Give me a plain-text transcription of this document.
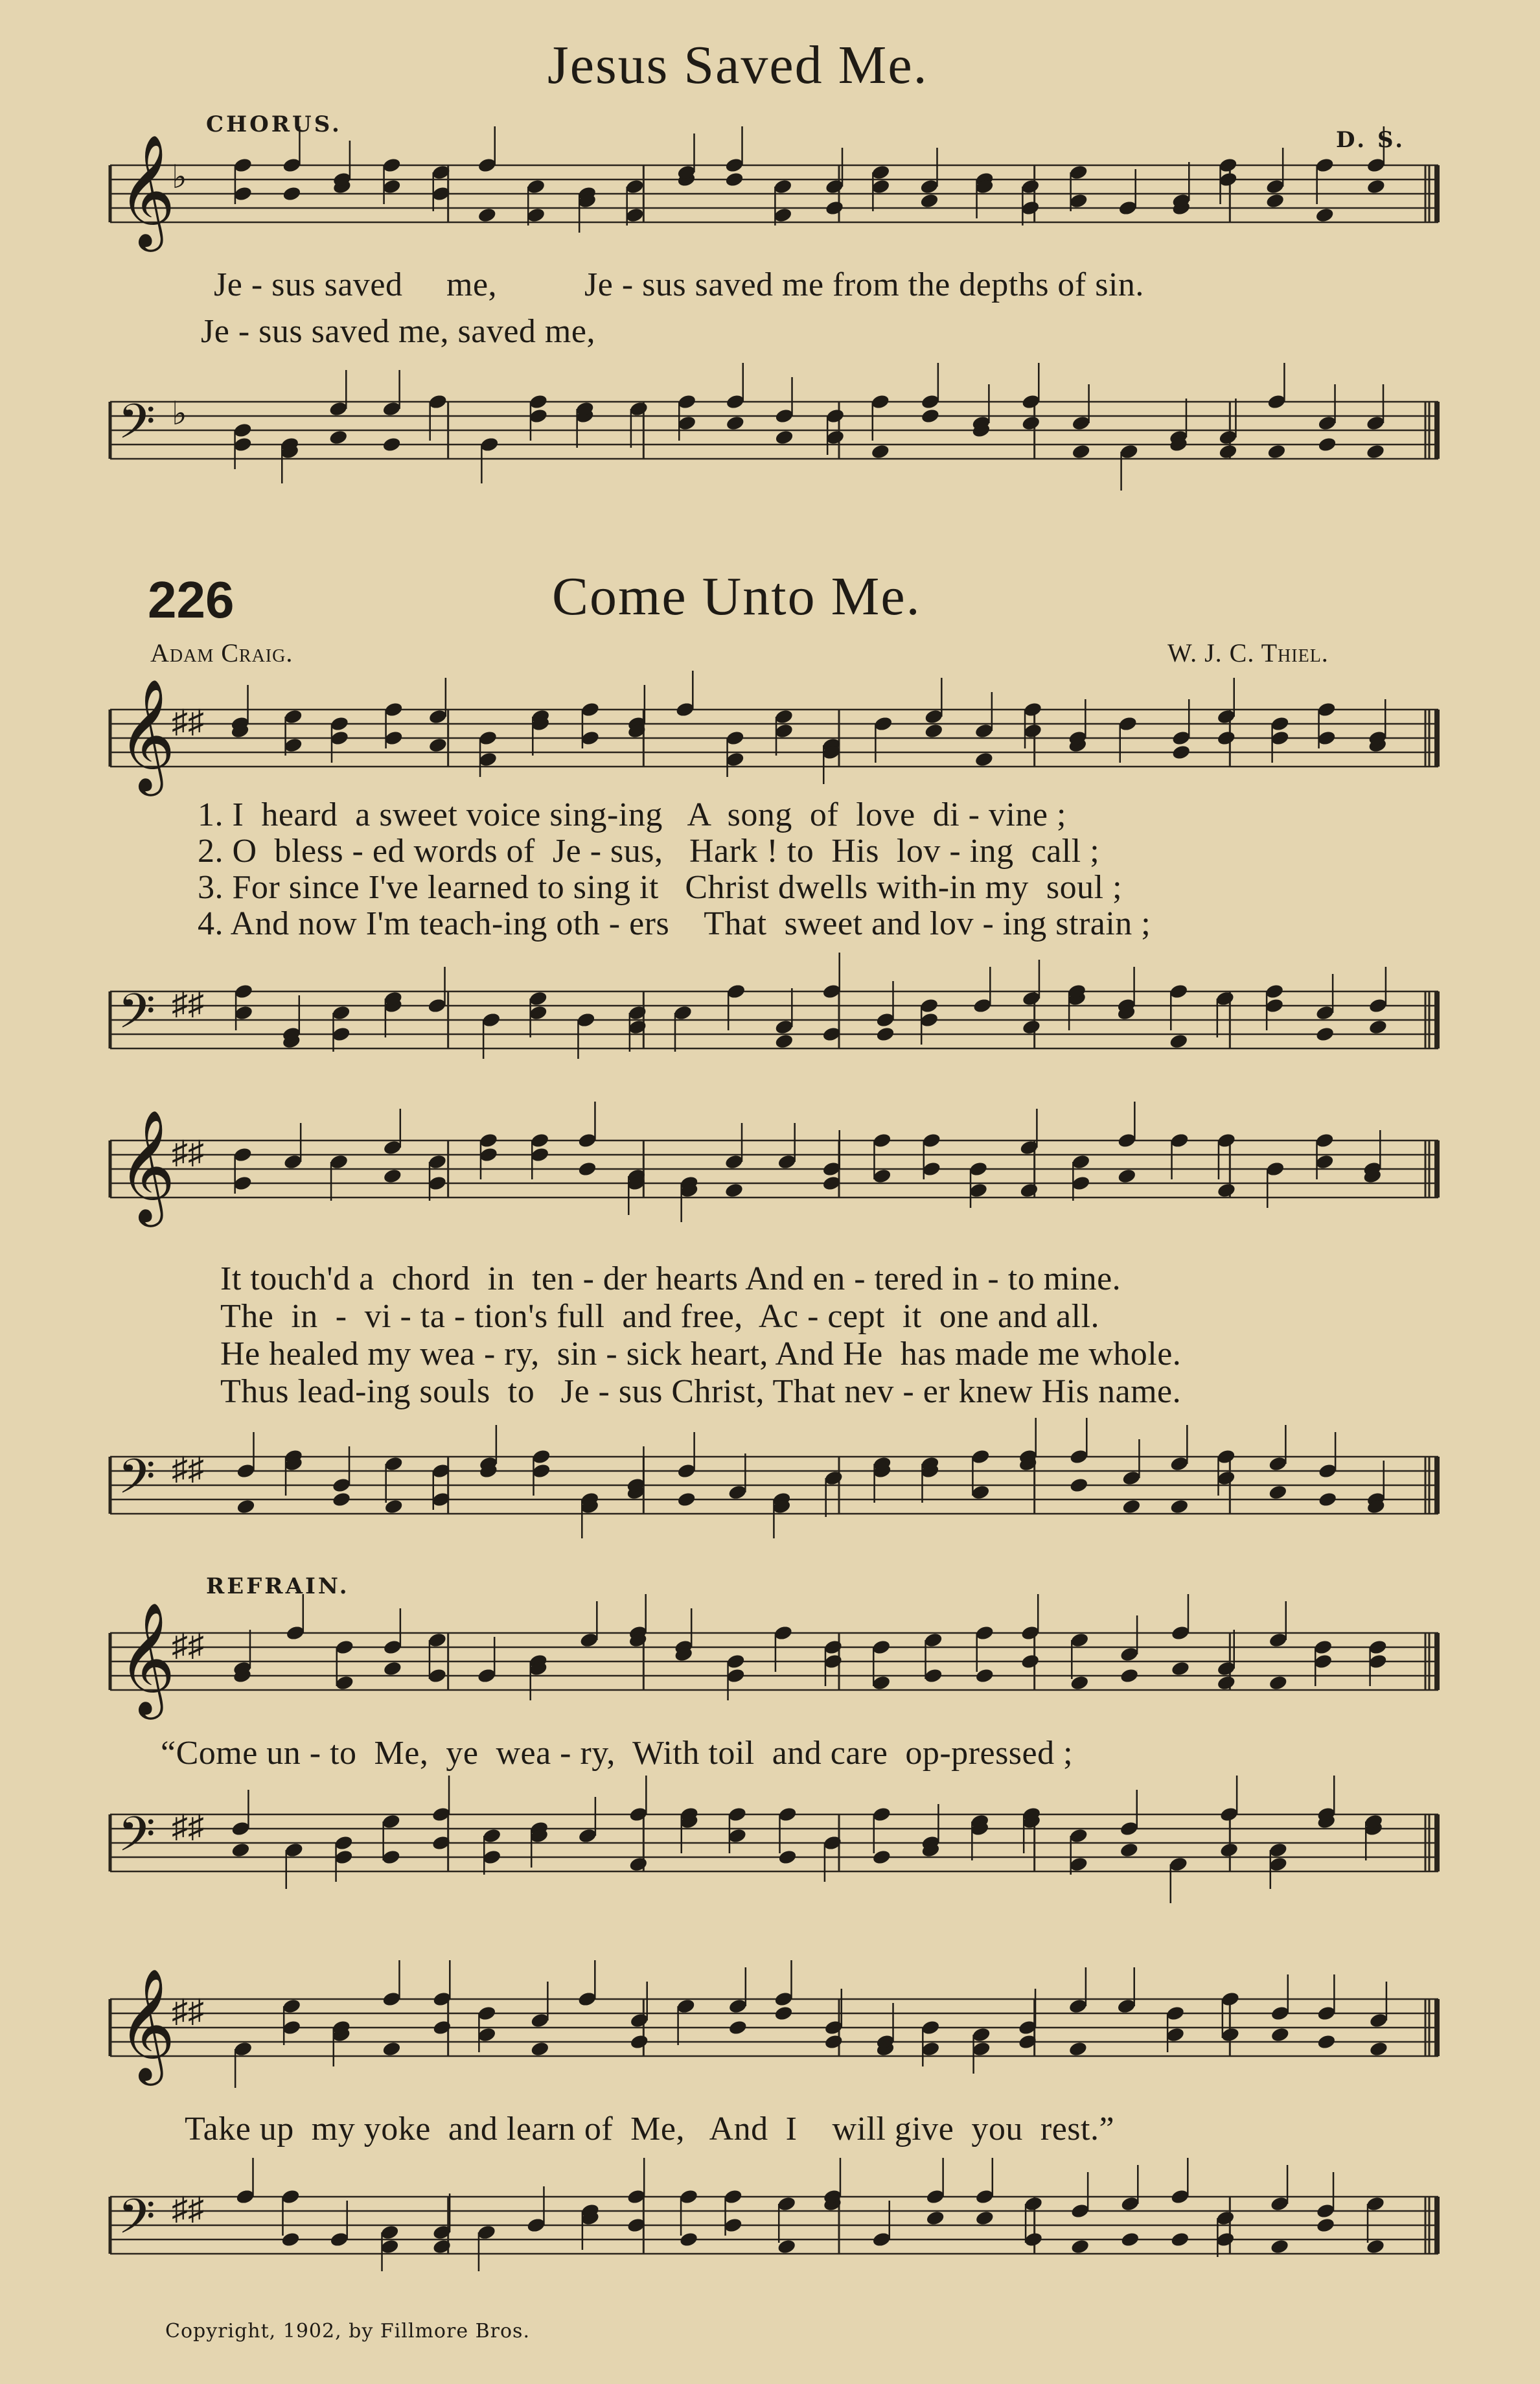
Jesus Saved Me.
CHORUS.
D. S.
𝄞
♭
Je - sus saved     me,          Je - sus saved me from the depths of sin.
Je - sus saved me, saved me,
𝄢 ♭
226	Come Unto Me.
Adam Craig.	W. J. C. Thiel.
𝄞
♯♯
1. I  heard  a sweet voice sing-ing   A  song  of  love  di - vine ;
2. O  bless - ed words of  Je - sus,   Hark ! to  His  lov - ing  call ;
3. For since I've learned to sing it   Christ dwells with-in my  soul ;
4. And now I'm teach-ing oth - ers    That  sweet and lov - ing strain ;
𝄢 ♯♯
𝄞
♯♯
It touch'd a  chord  in  ten - der hearts And en - tered in - to mine.
The  in  -  vi - ta - tion's full  and free,  Ac - cept  it  one and all.
He healed my wea - ry,  sin - sick heart, And He  has made me whole.
Thus lead-ing souls  to   Je - sus Christ, That nev - er knew His name.
𝄢 ♯♯
REFRAIN.
𝄞
♯♯
“Come un - to  Me,  ye  wea - ry,  With toil  and care  op-pressed ;
𝄢 ♯♯
𝄞
♯♯
Take up  my yoke  and learn of  Me,   And  I    will give  you  rest.”
𝄢 ♯♯
Copyright, 1902, by Fillmore Bros.
